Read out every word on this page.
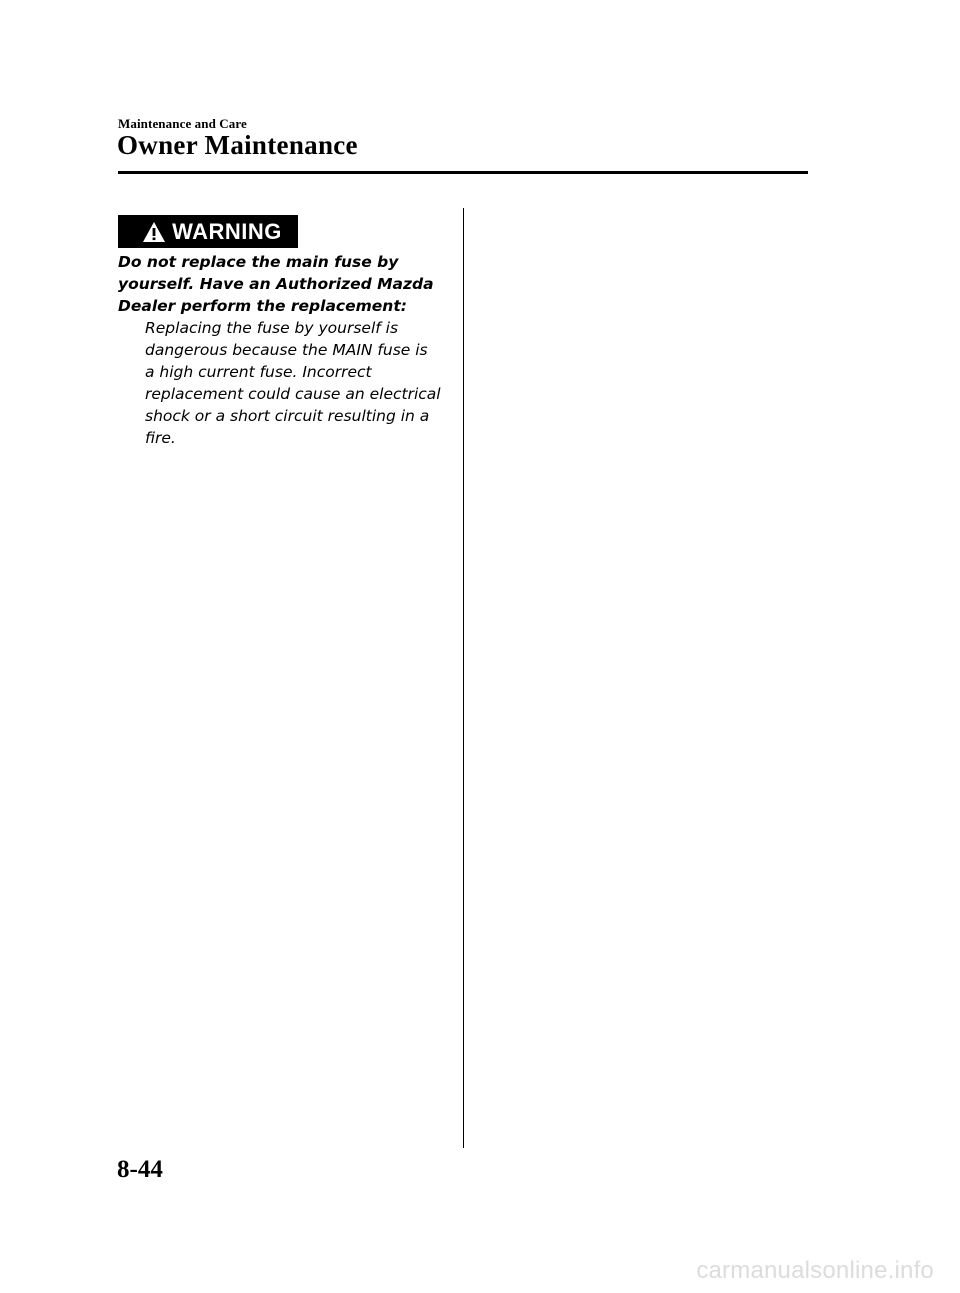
Maintenance and Care
Owner Maintenance
WARNING

Do not replace the main fuse by
yourself. Have an Authorized Mazda
Dealer perform the replacement:

Replacing the fuse by yourself is
dangerous because the MAIN fuse is
a high current fuse. Incorrect
replacement could cause an electrical
shock or a short circuit resulting in a
fire.

8-44
carmanualsonline.info
